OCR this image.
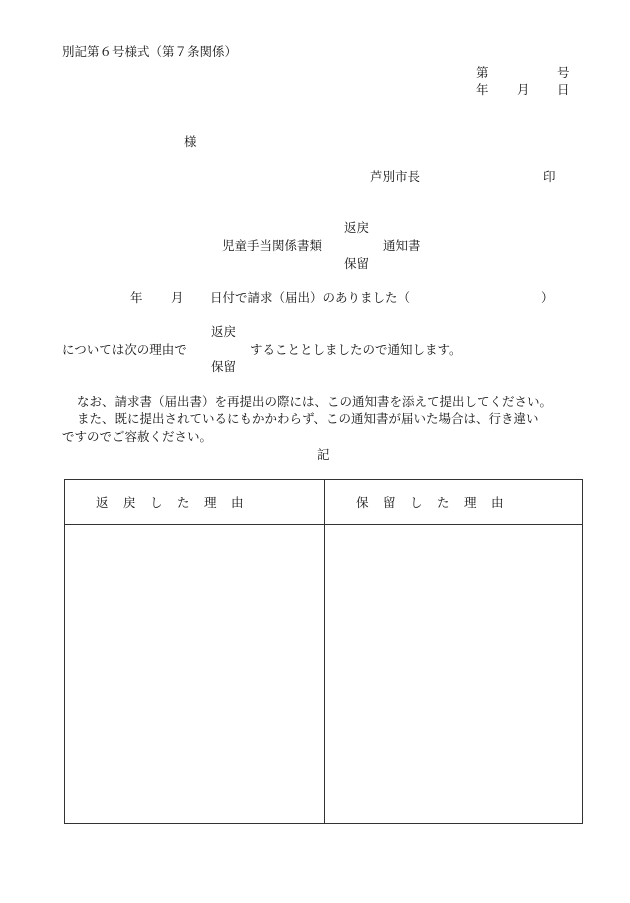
別記第６号様式（第７条関係）
第	号
年 月 日
様
芦別市長	印
返戻
児童手当関係書類	通知書
保留
年 月 日付で請求（届出）のありました（	）
返戻
については次の理由で	することとしましたので通知します。
保留
なお、請求書（届出書）を再提出の際には、この通知書を添えて提出してください。
また、既に提出されているにもかかわらず、この通知書が届いた場合は、行き違い
ですのでご容赦ください。
記
返　戻　し　た　理　由	保　留　し　た　理　由
